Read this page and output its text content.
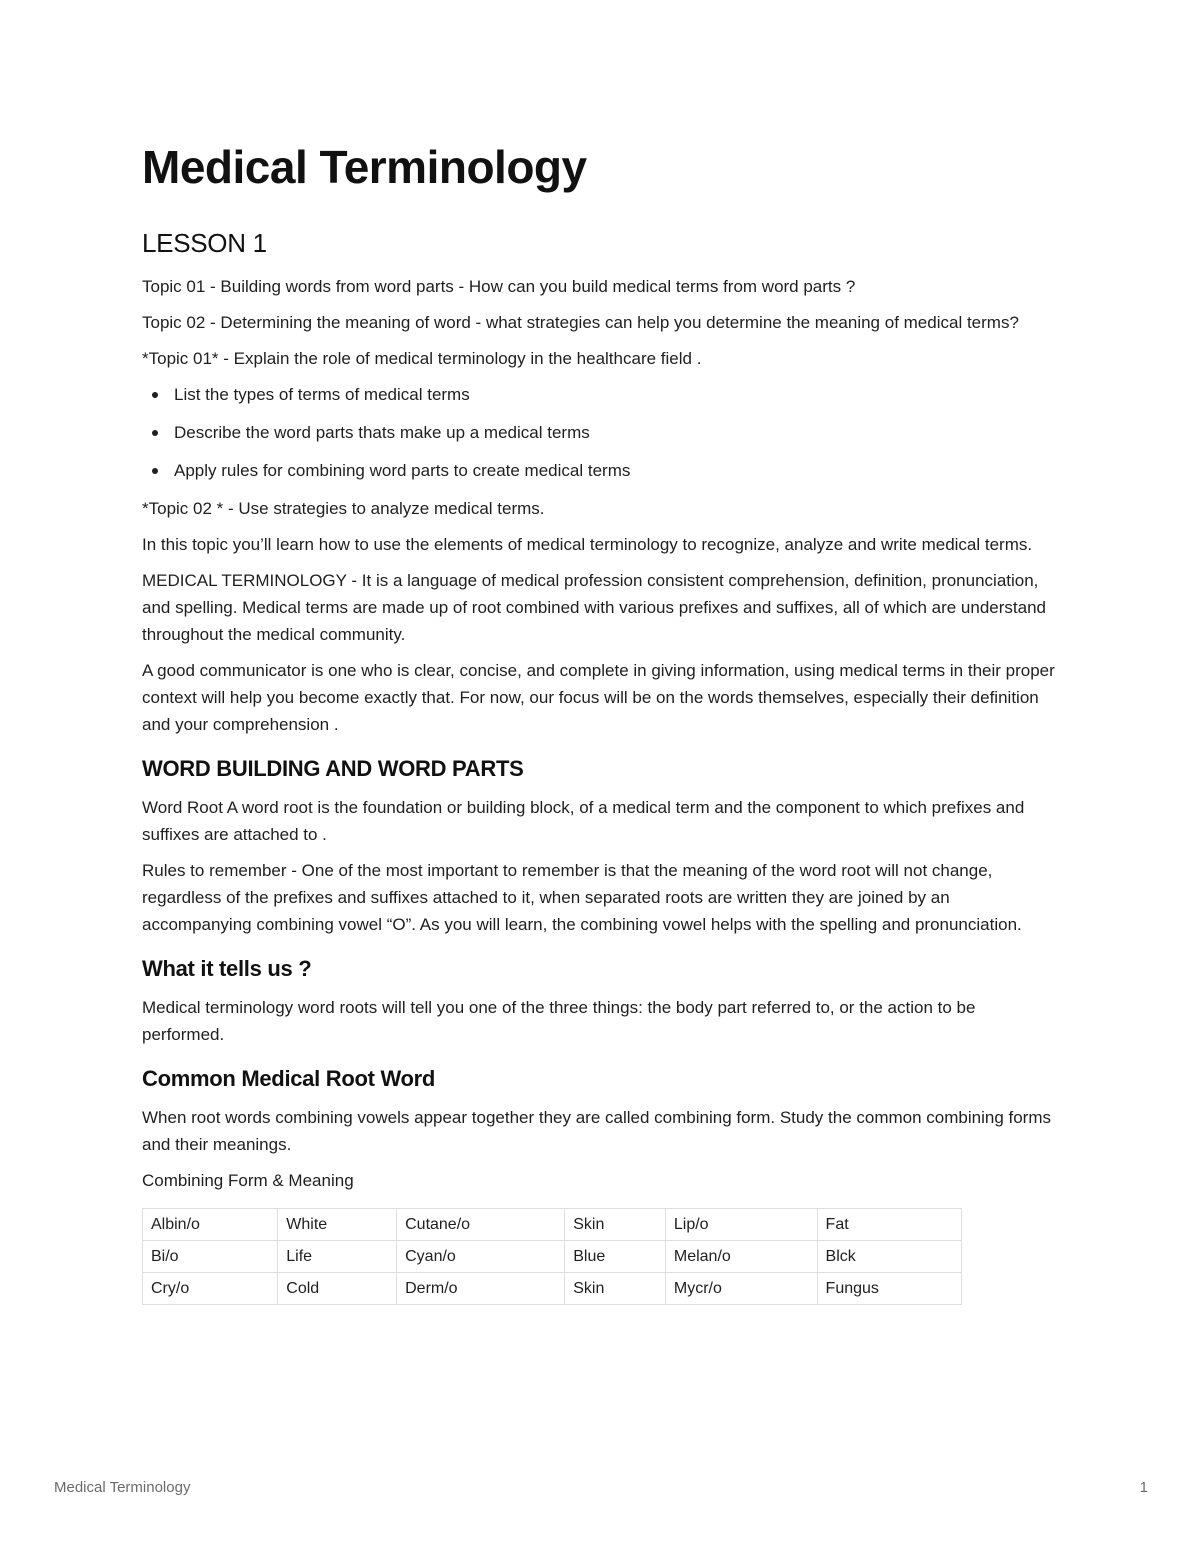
Medical Terminology
LESSON 1

Topic 01 - Building words from word parts - How can you build medical terms from word parts ?

Topic 02 - Determining the meaning of word - what strategies can help you determine the meaning of medical terms?

*Topic 01* - Explain the role of medical terminology in the healthcare field .

List the types of terms of medical terms
Describe the word parts thats make up a medical terms
Apply rules for combining word parts to create medical terms

*Topic 02 * - Use strategies to analyze medical terms.

In this topic you’ll learn how to use the elements of medical terminology to recognize, analyze and write medical terms.

MEDICAL TERMINOLOGY - It is a language of medical profession consistent comprehension, definition, pronunciation, and spelling. Medical terms are made up of root combined with various prefixes and suffixes, all of which are understand throughout the medical community.

A good communicator is one who is clear, concise, and complete in giving information, using medical terms in their proper context will help you become exactly that. For now, our focus will be on the words themselves, especially their definition and your comprehension .

WORD BUILDING AND WORD PARTS

Word Root A word root is the foundation or building block, of a medical term and the component to which prefixes and suffixes are attached to .

Rules to remember - One of the most important to remember is that the meaning of the word root will not change, regardless of the prefixes and suffixes attached to it, when separated roots are written they are joined by an accompanying combining vowel “O”. As you will learn, the combining vowel helps with the spelling and pronunciation.

What it tells us ?

Medical terminology word roots will tell you one of the three things: the body part referred to, or the action to be performed.

Common Medical Root Word

When root words combining vowels appear together they are called combining form. Study the common combining forms and their meanings.

Combining Form & Meaning

Albin/o	White	Cutane/o	Skin	Lip/o	Fat
Bi/o	Life	Cyan/o	Blue	Melan/o	Blck
Cry/o	Cold	Derm/o	Skin	Mycr/o	Fungus
Medical Terminology	1
